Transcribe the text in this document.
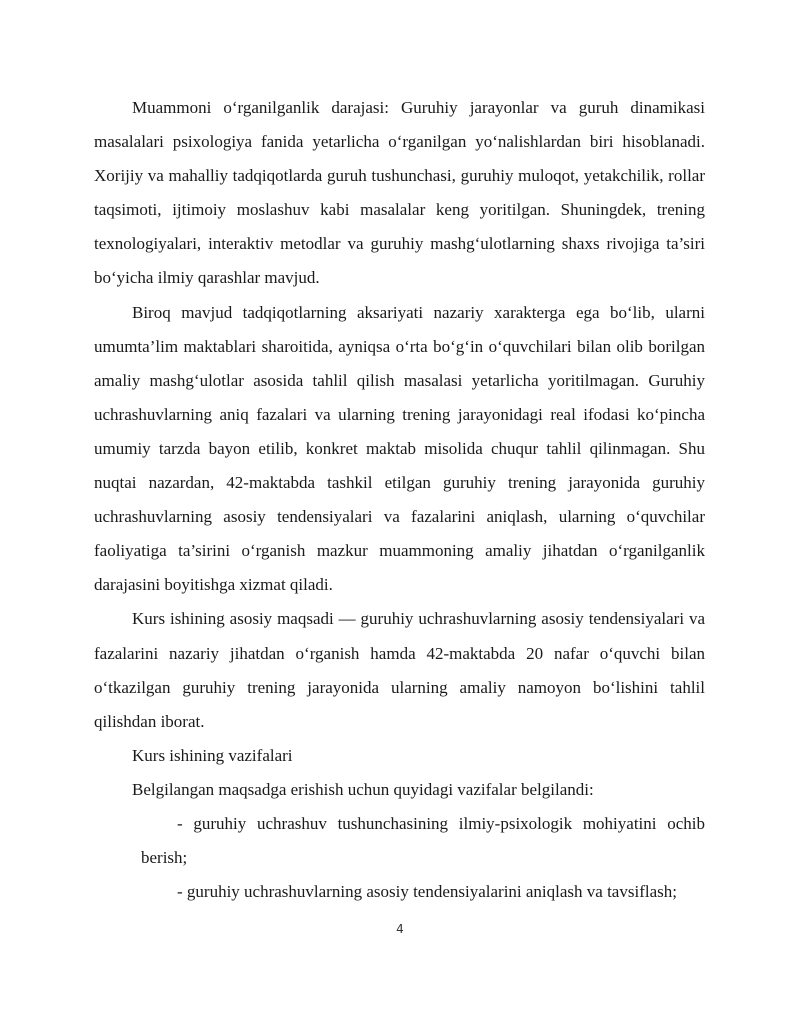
Muammoni o‘rganilganlik darajasi: Guruhiy jarayonlar va guruh dinamikasi masalalari psixologiya fanida yetarlicha o‘rganilgan yo‘nalishlardan biri hisoblanadi. Xorijiy va mahalliy tadqiqotlarda guruh tushunchasi, guruhiy muloqot, yetakchilik, rollar taqsimoti, ijtimoiy moslashuv kabi masalalar keng yoritilgan. Shuningdek, trening texnologiyalari, interaktiv metodlar va guruhiy mashg‘ulotlarning shaxs rivojiga ta’siri bo‘yicha ilmiy qarashlar mavjud.

Biroq mavjud tadqiqotlarning aksariyati nazariy xarakterga ega bo‘lib, ularni umumta’lim maktablari sharoitida, ayniqsa o‘rta bo‘g‘in o‘quvchilari bilan olib borilgan amaliy mashg‘ulotlar asosida tahlil qilish masalasi yetarlicha yoritilmagan. Guruhiy uchrashuvlarning aniq fazalari va ularning trening jarayonidagi real ifodasi ko‘pincha umumiy tarzda bayon etilib, konkret maktab misolida chuqur tahlil qilinmagan. Shu nuqtai nazardan, 42-maktabda tashkil etilgan guruhiy trening jarayonida guruhiy uchrashuvlarning asosiy tendensiyalari va fazalarini aniqlash, ularning o‘quvchilar faoliyatiga ta’sirini o‘rganish mazkur muammoning amaliy jihatdan o‘rganilganlik darajasini boyitishga xizmat qiladi.

Kurs ishining asosiy maqsadi — guruhiy uchrashuvlarning asosiy tendensiyalari va fazalarini nazariy jihatdan o‘rganish hamda 42-maktabda 20 nafar o‘quvchi bilan o‘tkazilgan guruhiy trening jarayonida ularning amaliy namoyon bo‘lishini tahlil qilishdan iborat.

Kurs ishining vazifalari

Belgilangan maqsadga erishish uchun quyidagi vazifalar belgilandi:

- guruhiy uchrashuv tushunchasining ilmiy-psixologik mohiyatini ochib berish;

- guruhiy uchrashuvlarning asosiy tendensiyalarini aniqlash va tavsiflash;

4
